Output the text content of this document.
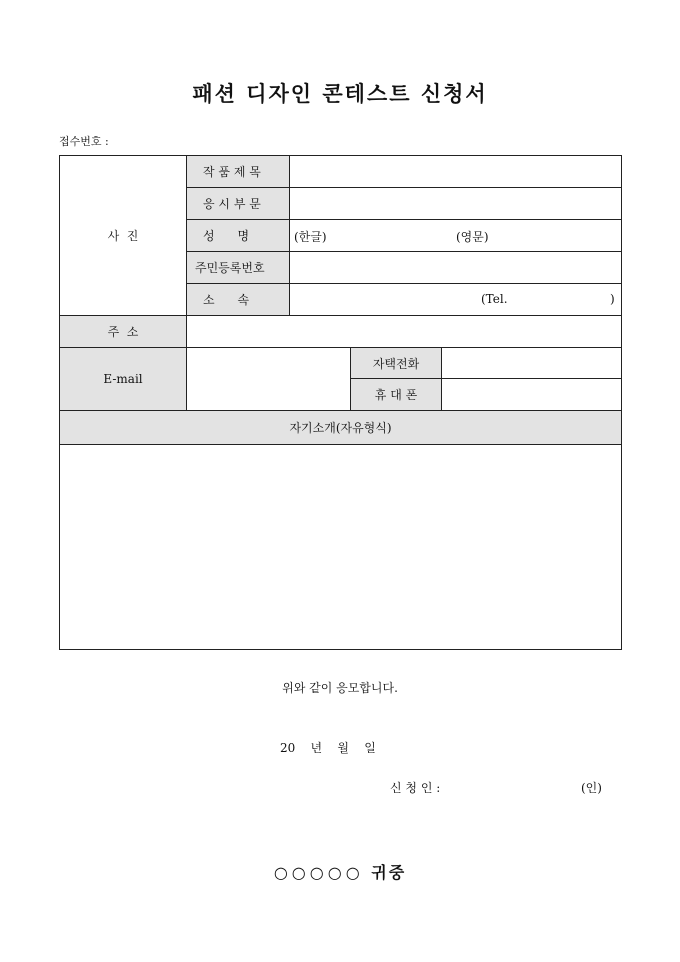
패션 디자인 콘테스트 신청서
접수번호 :
사  진	작 품 제 목			
	응 시 부 문			
	성      명	(한글) (영문)		

	주민등록번호			
	소      속	(Tel. )		

주  소				
E-mail			자택전화	
			휴 대 폰	
자기소개(자유형식)				

위와 같이 응모합니다.
20    년    월    일
신 청 인 :	(인)
○○○○○ 귀중
